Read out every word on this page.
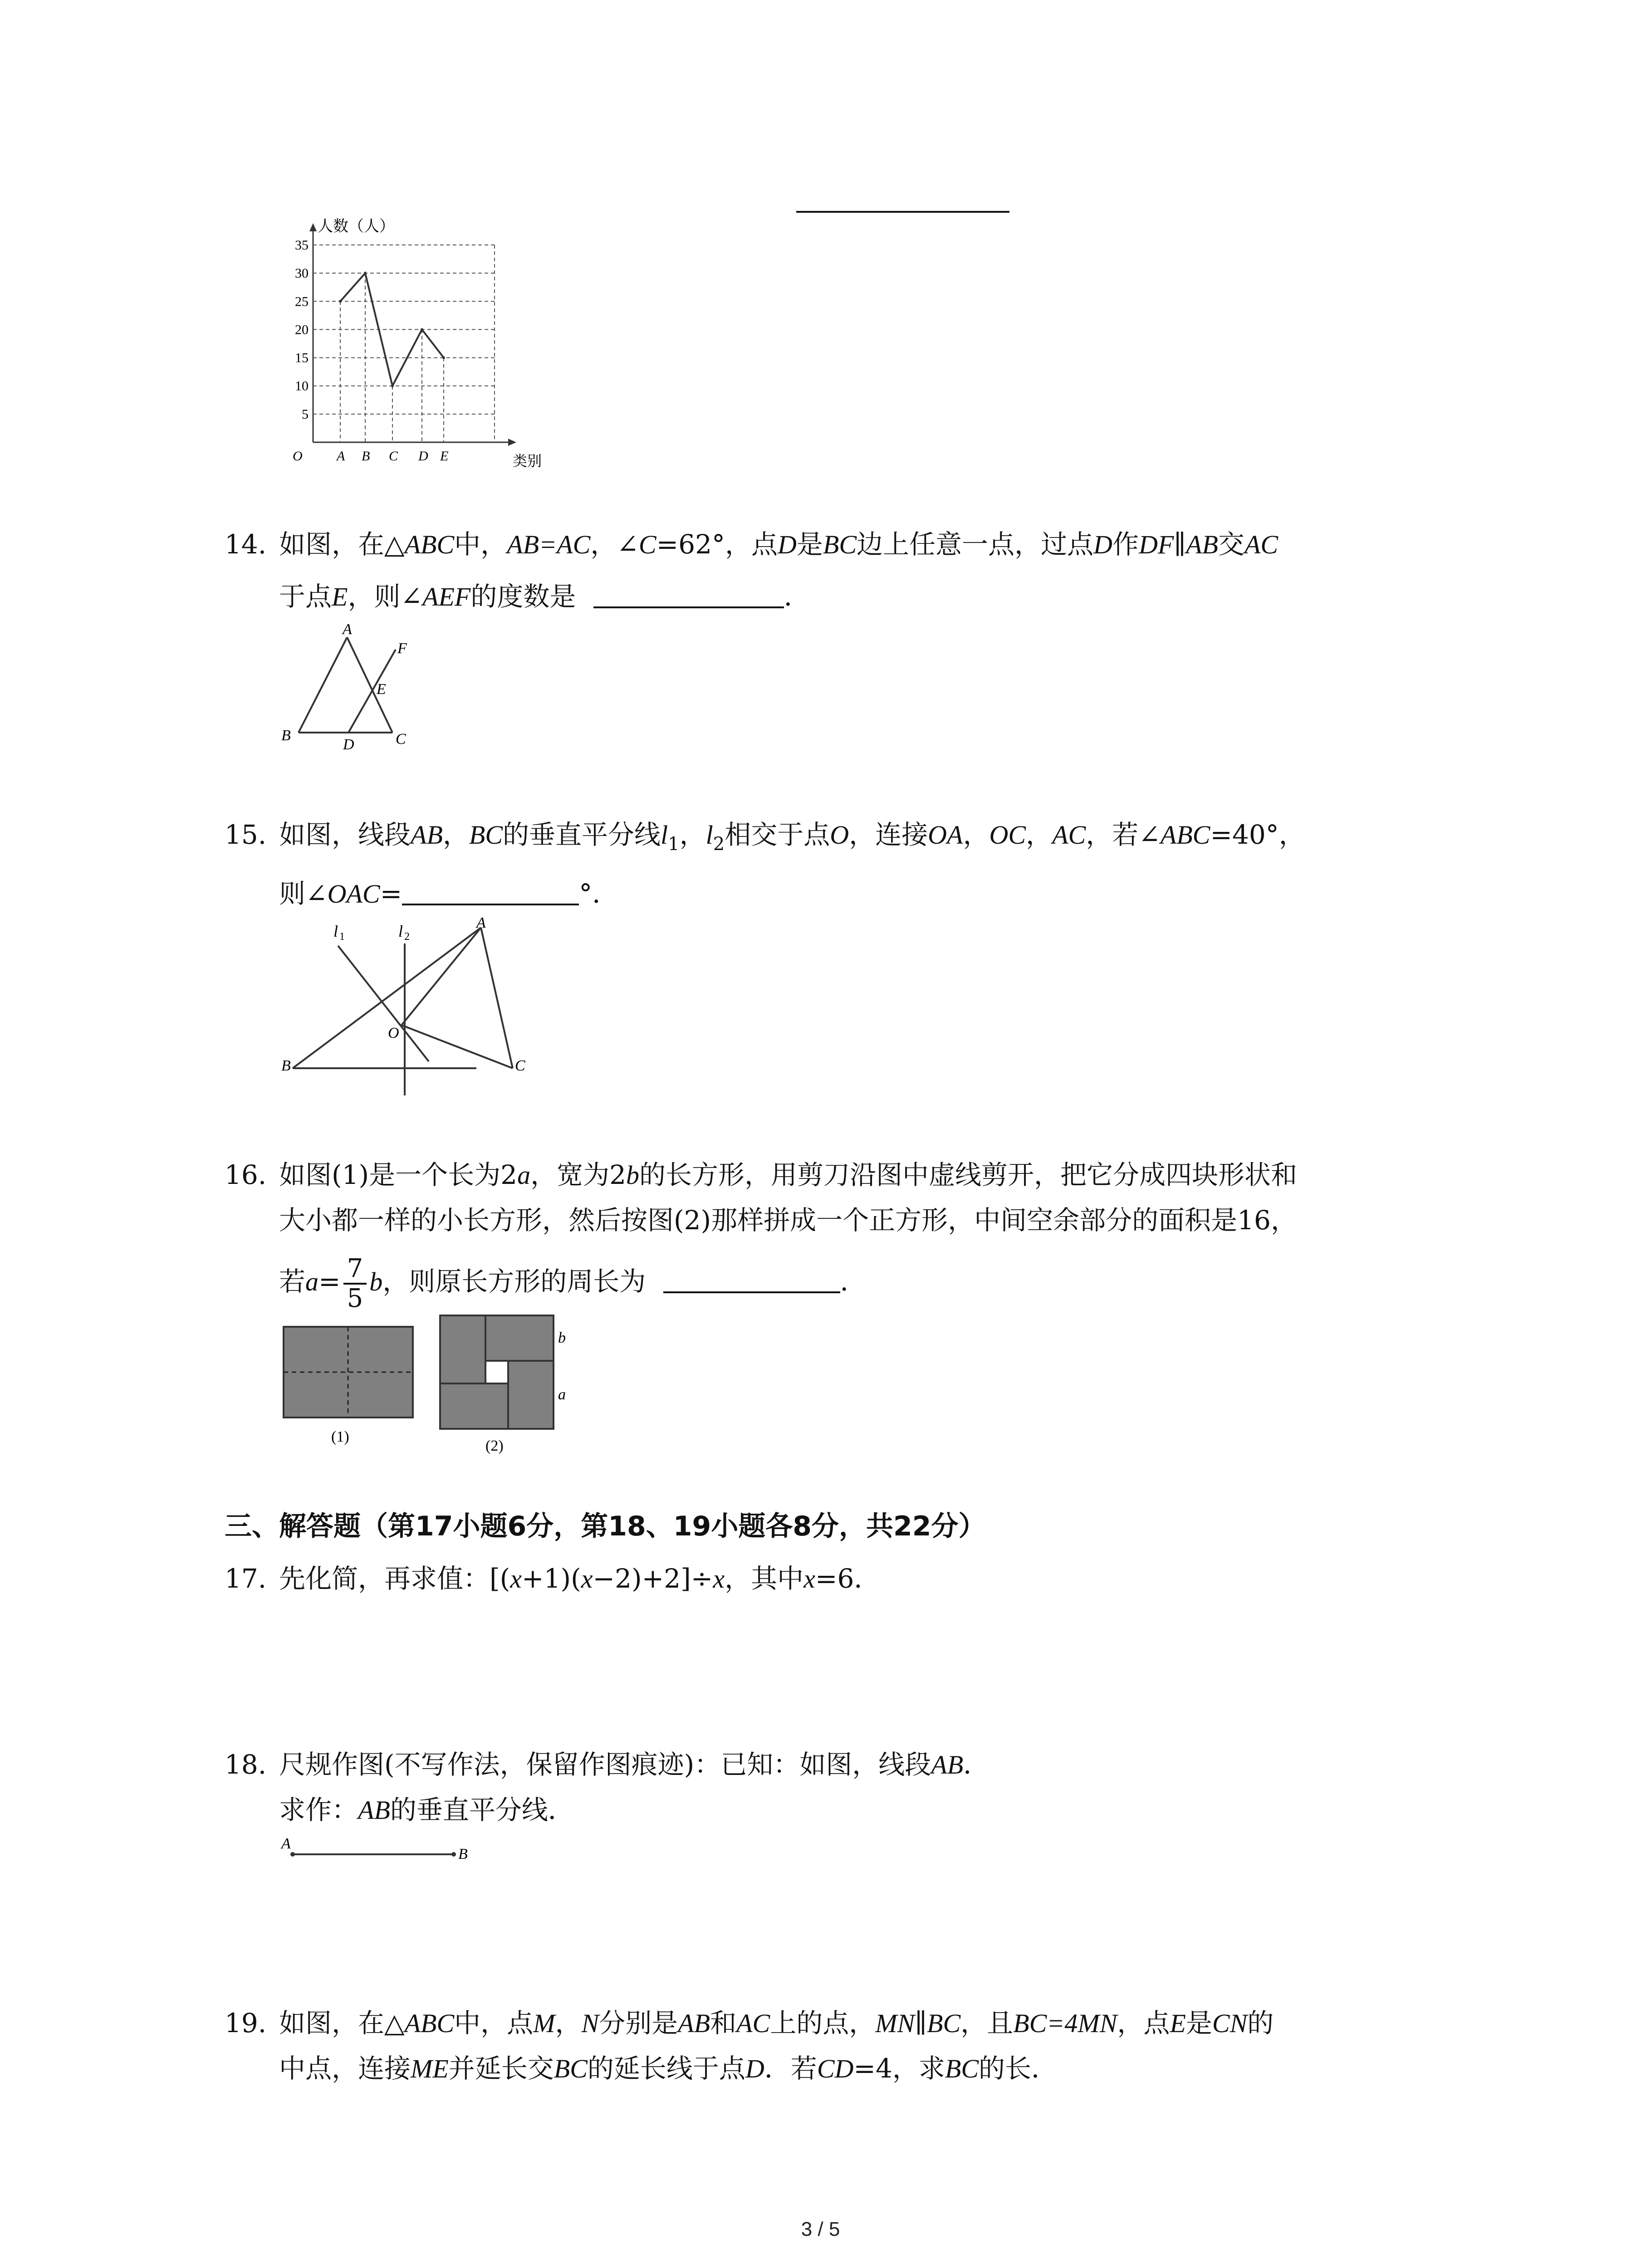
5
10
15
20
25
30
35
A B C D E
人数（人）
类别
O
14. 如图，在△ABC中，AB=AC，∠C=62°，点D是BC边上任意一点，过点D作DF∥AB交AC
于点E，则∠AEF的度数是	．
A
B	C
D
E
F
15. 如图，线段AB，BC的垂直平分线$l_1$，$l_2$相交于点O，连接OA，OC，AC，若∠ABC=40°，
则∠OAC=	°．
l 1	l 2
A
B	C
O
16. 如图(1)是一个长为2a，宽为2b的长方形，用剪刀沿图中虚线剪开，把它分成四块形状和
大小都一样的小长方形，然后按图(2)那样拼成一个正方形，中间空余部分的面积是16，
若$a= \frac{7}{5}$ b，则原长方形的周长为	．
(1)
b
a
(2)
三、解答题（第17小题6分，第18、19小题各8分，共22分）
17. 先化简，再求值：[(x+1)(x−2)+2]÷x，其中x=6．
18. 尺规作图(不写作法，保留作图痕迹)：已知：如图，线段AB．
求作：AB的垂直平分线．
A
B
19. 如图，在△ABC中，点M，N分别是AB和AC上的点，MN∥BC，且BC=4MN，点E是CN的
中点，连接ME并延长交BC的延长线于点D．若CD=4，求BC的长．
3 / 5
